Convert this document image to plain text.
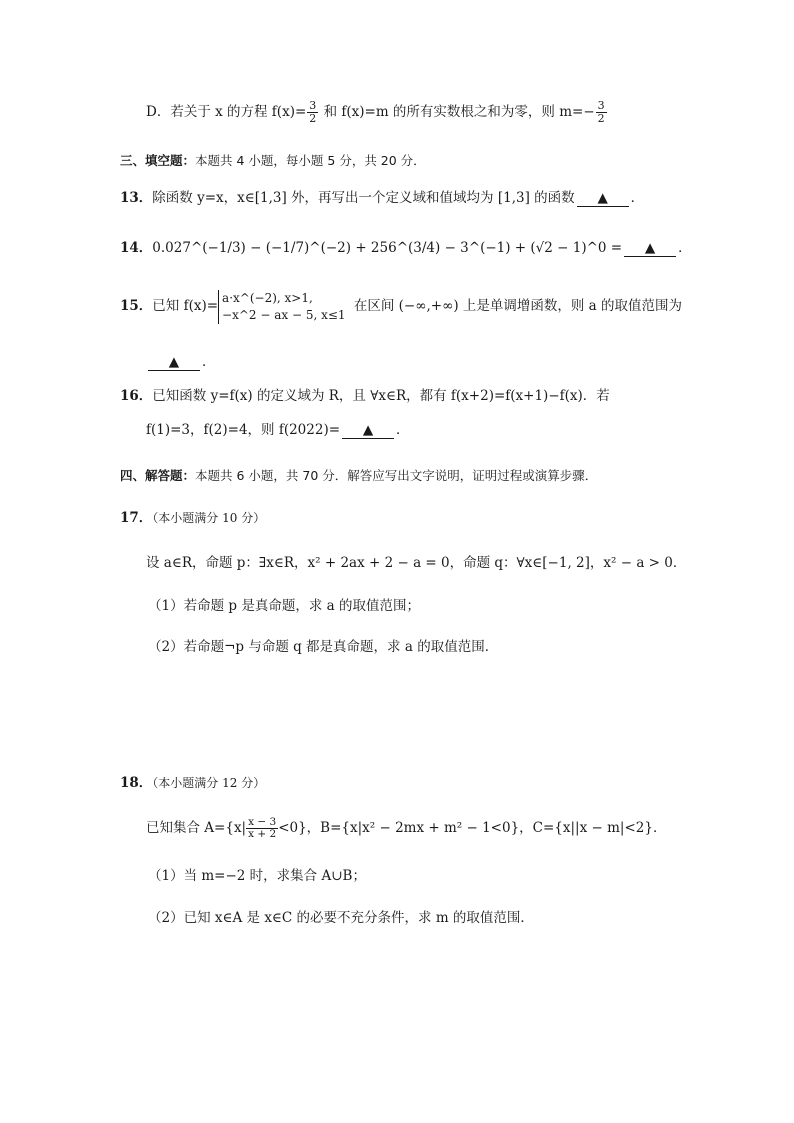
D．若关于 x 的方程 $f(x)= \frac{3}{2}$ 和 f(x)=m 的所有实数根之和为零，则 $m=- \frac{3}{2}$
三、填空题：本题共 4 小题，每小题 5 分，共 20 分．
13．除函数 y=x，x∈[1,3] 外，再写出一个定义域和值域均为 [1,3] 的函数 ▲ ．
14．0.027^(−1/3) − (−1/7)^(−2) + 256^(3/4) − 3^(−1) + (√2 − 1)^0 = ▲ ．
15．已知 f(x)=
a·x^(−2), x>1,
−x^2 − ax − 5, x≤1
在区间 (−∞,+∞) 上是单调增函数，则 a 的取值范围为
▲ ．
16．已知函数 y=f(x) 的定义域为 R，且 ∀x∈R，都有 f(x+2)=f(x+1)−f(x)．若
f(1)=3，f(2)=4，则 f(2022)= ▲ ．
四、解答题：本题共 6 小题，共 70 分．解答应写出文字说明，证明过程或演算步骤．
17．（本小题满分 10 分）
设 a∈R，命题 p：∃x∈R，x² + 2ax + 2 − a = 0，命题 q：∀x∈[−1, 2]，x² − a > 0．
（1）若命题 p 是真命题，求 a 的取值范围；
（2）若命题¬p 与命题 q 都是真命题，求 a 的取值范围．
18．（本小题满分 12 分）
已知集合 $A=\{x| \frac{x - 3}{x + 2} <0\}$，B={x|x² − 2mx + m² − 1<0}，C={x||x − m|<2}．
（1）当 m=−2 时，求集合 A∪B；
（2）已知 x∈A 是 x∈C 的必要不充分条件，求 m 的取值范围．
